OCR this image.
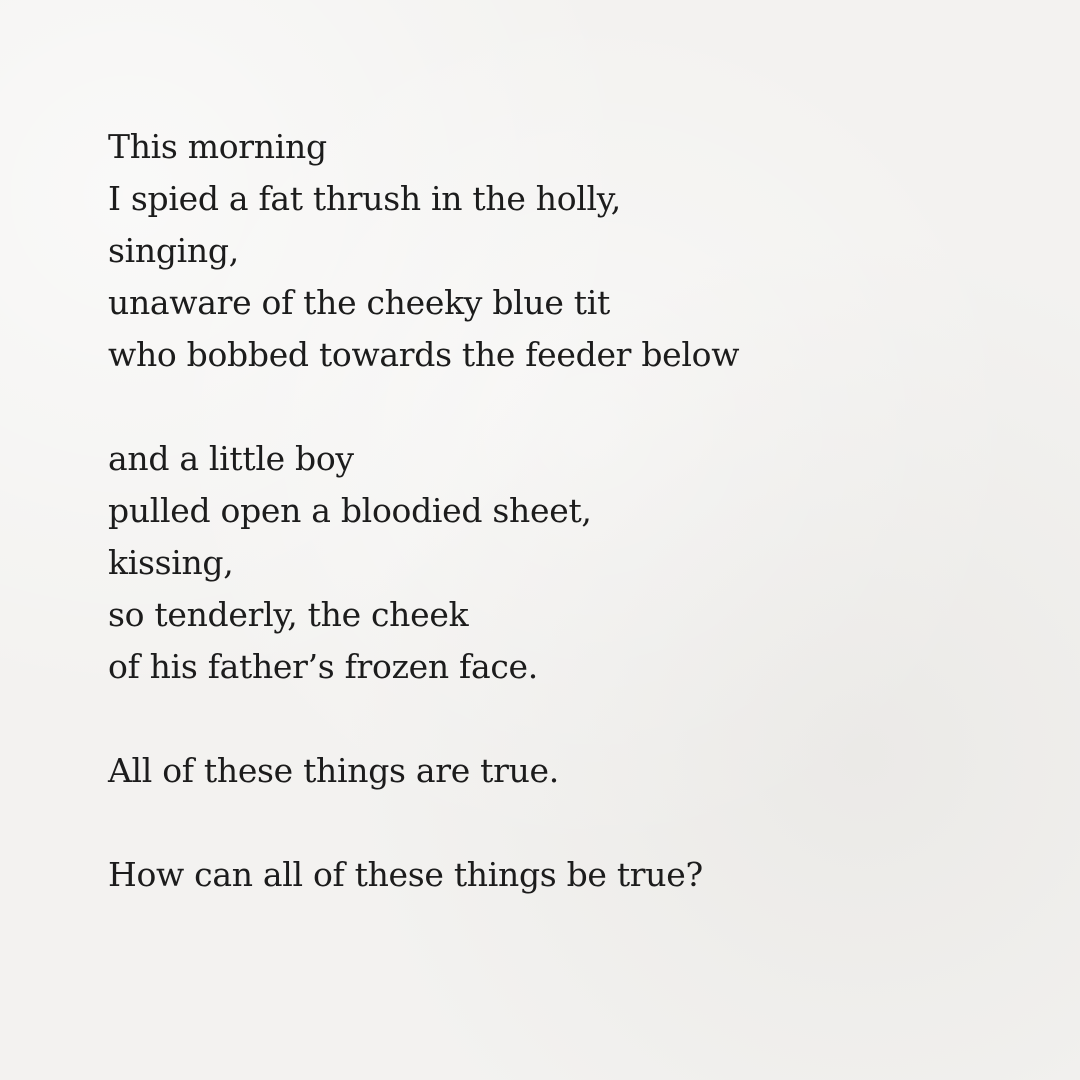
This morning
I spied a fat thrush in the holly,
singing,
unaware of the cheeky blue tit
who bobbed towards the feeder below
and a little boy
pulled open a bloodied sheet,
kissing,
so tenderly, the cheek
of his father’s frozen face.
All of these things are true.
How can all of these things be true?
